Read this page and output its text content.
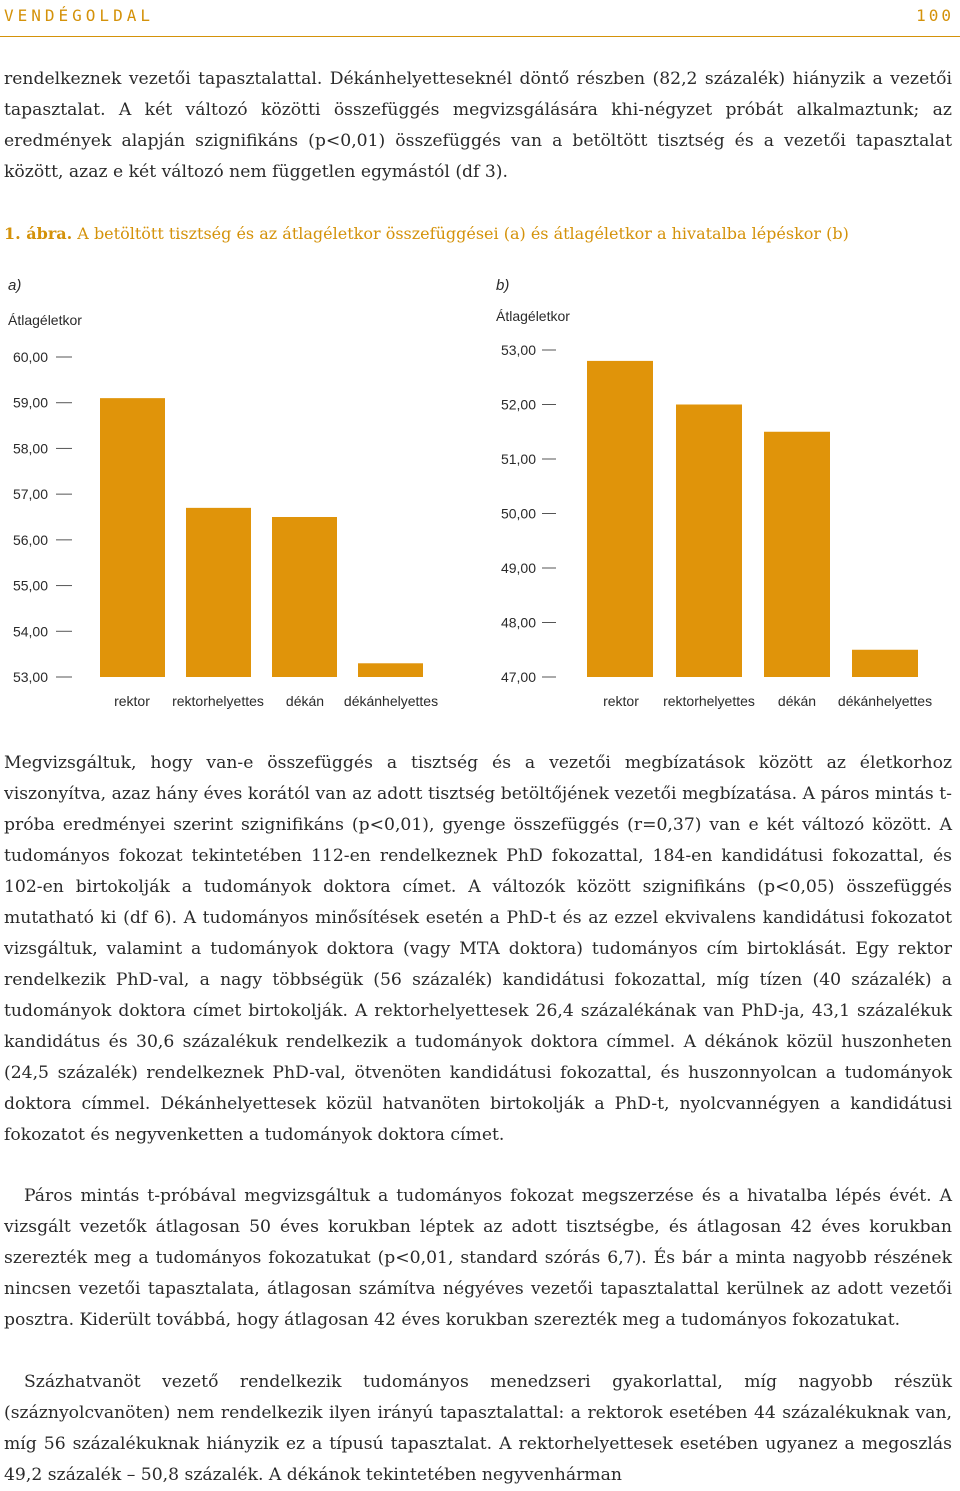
VENDÉGOLDAL	100

rendelkeznek vezetői tapasztalattal. Dékánhelyetteseknél döntő részben (82,2 százalék) hiányzik a vezetői tapasztalat. A két változó közötti összefüggés megvizsgálására khi-négyzet próbát alkalmaztunk; az eredmények alapján szignifikáns (p<0,01) összefüggés van a betöltött tisztség és a vezetői tapasztalat között, azaz e két változó nem független egymástól (df 3).

1. ábra. A betöltött tisztség és az átlagéletkor összefüggései (a) és átlagéletkor a hivatalba lépéskor (b)
a)
Átlagéletkor
53,00
54,00
55,00
56,00
57,00
58,00
59,00
60,00
rektor rektorhelyettes dékán dékánhelyettes
b)
Átlagéletkor
47,00
48,00
49,00
50,00
51,00
52,00
53,00
rektor rektorhelyettes dékán dékánhelyettes

Megvizsgáltuk, hogy van-e összefüggés a tisztség és a vezetői megbízatások között az életkorhoz viszonyítva, azaz hány éves korától van az adott tisztség betöltőjének vezetői megbízatása. A páros mintás t-próba eredményei szerint szignifikáns (p<0,01), gyenge összefüggés (r=0,37) van e két változó között. A tudományos fokozat tekintetében 112-en rendelkeznek PhD fokozattal, 184-en kandidátusi fokozattal, és 102-en birtokolják a tudományok doktora címet. A változók között szignifikáns (p<0,05) összefüggés mutatható ki (df 6). A tudományos minősítések esetén a PhD-t és az ezzel ekvivalens kandidátusi fokozatot vizsgáltuk, valamint a tudományok doktora (vagy MTA doktora) tudományos cím birtoklását. Egy rektor rendelkezik PhD-val, a nagy többségük (56 százalék) kandidátusi fokozattal, míg tízen (40 százalék) a tudományok doktora címet birtokolják. A rektorhelyettesek 26,4 százalékának van PhD-ja, 43,1 százalékuk kandidátus és 30,6 százalékuk rendelkezik a tudományok doktora címmel. A dékánok közül huszonheten (24,5 százalék) rendelkeznek PhD-val, ötvenöten kandidátusi fokozattal, és huszonnyolcan a tudományok doktora címmel. Dékánhelyettesek közül hatvanöten birtokolják a PhD-t, nyolcvannégyen a kandidátusi fokozatot és negyvenketten a tudományok doktora címet.

Páros mintás t-próbával megvizsgáltuk a tudományos fokozat megszerzése és a hivatalba lépés évét. A vizsgált vezetők átlagosan 50 éves korukban léptek az adott tisztségbe, és átlagosan 42 éves korukban szerezték meg a tudományos fokozatukat (p<0,01, standard szórás 6,7). És bár a minta nagyobb részének nincsen vezetői tapasztalata, átlagosan számítva négyéves vezetői tapasztalattal kerülnek az adott vezetői posztra. Kiderült továbbá, hogy átlagosan 42 éves korukban szerezték meg a tudományos fokozatukat.

Százhatvanöt vezető rendelkezik tudományos menedzseri gyakorlattal, míg nagyobb részük (száznyolcvanöten) nem rendelkezik ilyen irányú tapasztalattal: a rektorok esetében 44 százalékuknak van, míg 56 százalékuknak hiányzik ez a típusú tapasztalat. A rektorhelyettesek esetében ugyanez a megoszlás 49,2 százalék – 50,8 százalék. A dékánok tekintetében negyvenhárman
